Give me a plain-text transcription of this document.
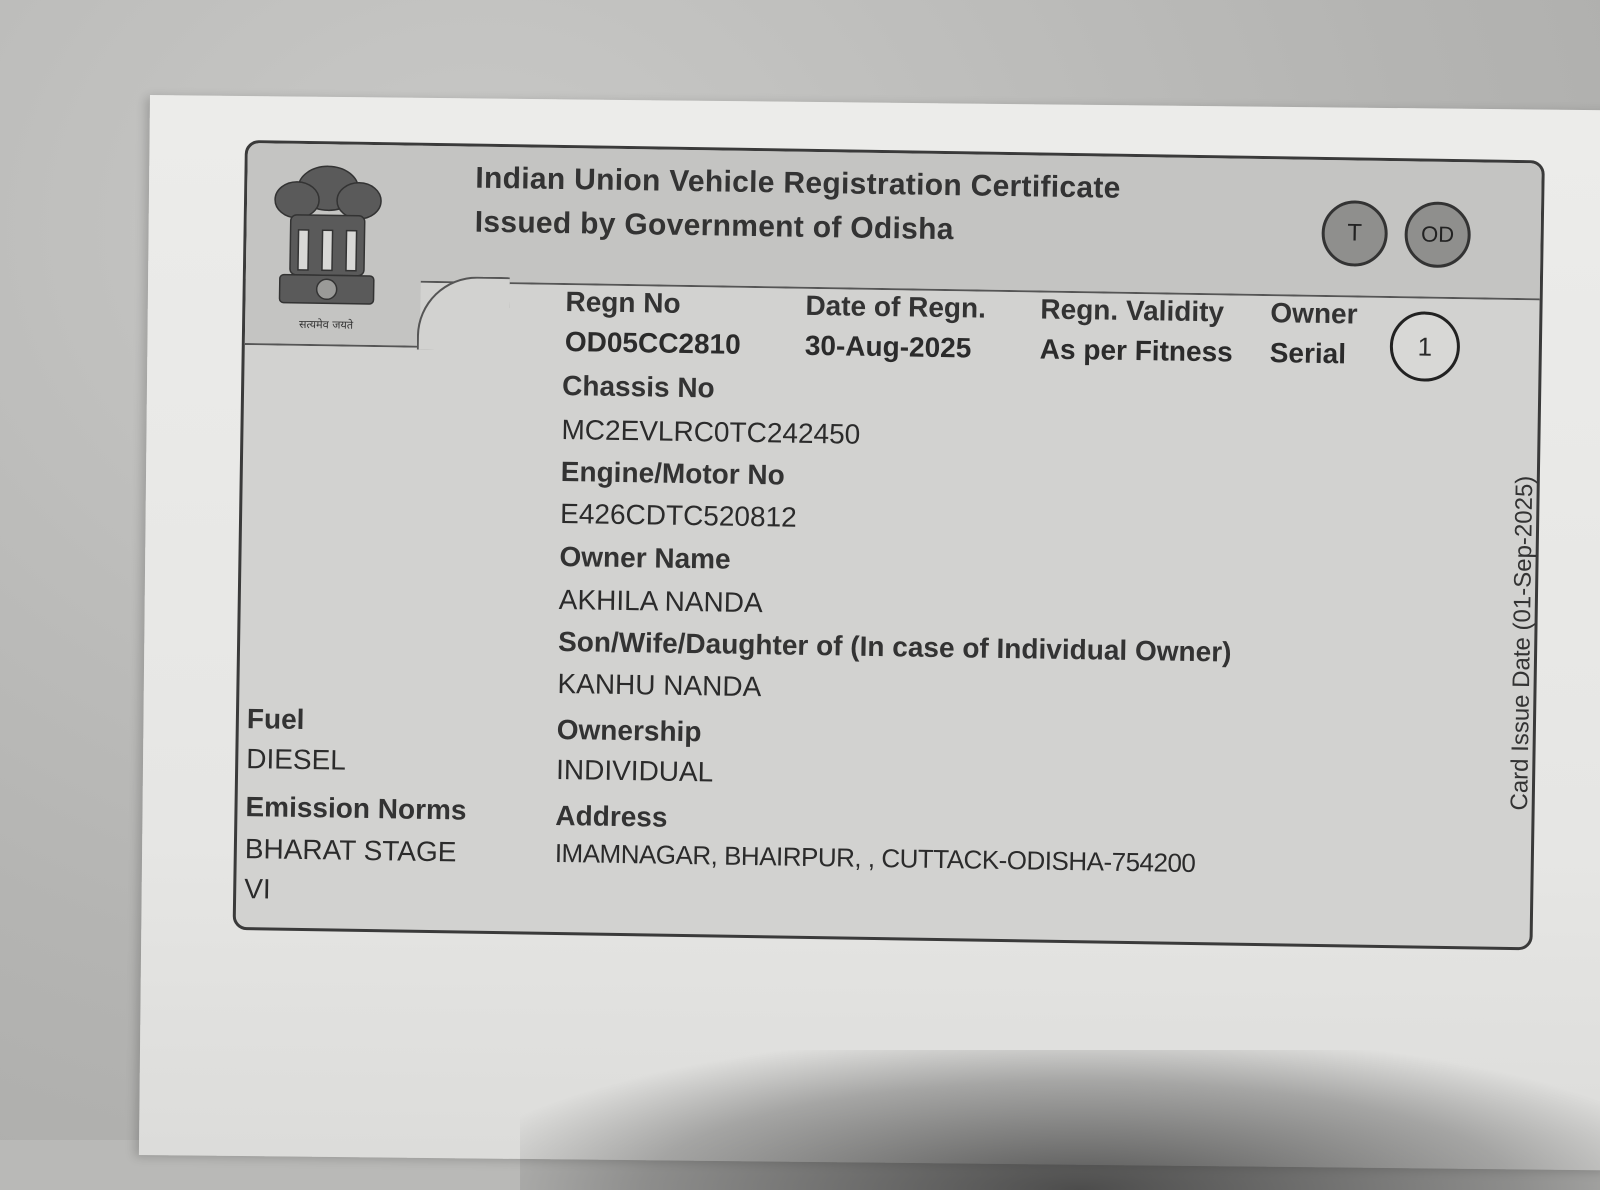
सत्यमेव जयते
Indian Union Vehicle Registration Certificate
Issued by Government of Odisha	T	OD
Regn No
OD05CC2810
Date of Regn.
30-Aug-2025
Regn. Validity
As per Fitness
Owner
Serial	1
Chassis No
MC2EVLRC0TC242450
Engine/Motor No
E426CDTC520812
Owner Name
AKHILA NANDA
Son/Wife/Daughter of (In case of Individual Owner)
KANHU NANDA
Ownership
INDIVIDUAL
Address
IMAMNAGAR, BHAIRPUR, , CUTTACK-ODISHA-754200
Fuel
DIESEL
Emission Norms
BHARAT STAGE
VI
Card Issue Date (01-Sep-2025)
